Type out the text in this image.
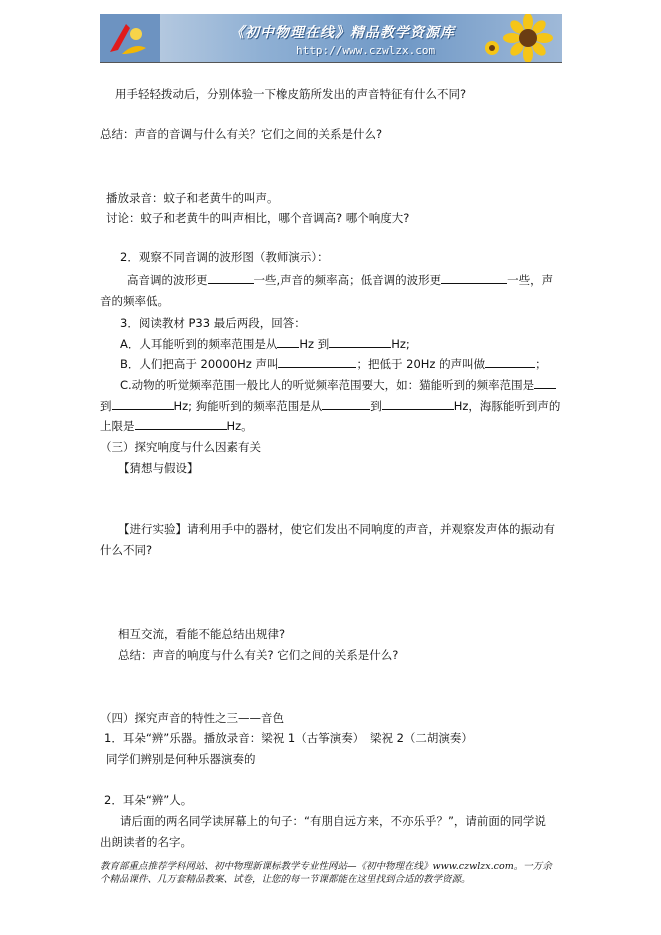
《初中物理在线》精品教学资源库
http://www.czwlzx.com
用手轻轻拨动后，分别体验一下橡皮筋所发出的声音特征有什么不同?
总结：声音的音调与什么有关？它们之间的关系是什么?
播放录音：蚊子和老黄牛的叫声。
讨论：蚊子和老黄牛的叫声相比，哪个音调高? 哪个响度大?
2．观察不同音调的波形图（教师演示）：
高音调的波形更	一些,声音的频率高；低音调的波形更	一些，声
音的频率低。
3．阅读教材 P33 最后两段，回答：
A．人耳能听到的频率范围是从 Hz 到	Hz;
B．人们把高于 20000Hz 声叫	；把低于 20Hz 的声叫做	；
C.动物的听觉频率范围一般比人的听觉频率范围要大，如：猫能听到的频率范围是
到	Hz; 狗能听到的频率范围是从	到	Hz，海豚能听到声的
上限是	Hz。
（三）探究响度与什么因素有关
【猜想与假设】
【进行实验】请利用手中的器材，使它们发出不同响度的声音，并观察发声体的振动有
什么不同?
相互交流，看能不能总结出规律?
总结：声音的响度与什么有关? 它们之间的关系是什么?
（四）探究声音的特性之三——音色
1．耳朵“辨”乐器。播放录音：梁祝 1（古筝演奏）　梁祝 2（二胡演奏）
同学们辨别是何种乐器演奏的
2．耳朵“辨”人。
请后面的两名同学读屏幕上的句子：“有朋自远方来，不亦乐乎？”，请前面的同学说
出朗读者的名字。
教育部重点推荐学科网站、初中物理新课标教学专业性网站—《初中物理在线》www.czwlzx.com。一万余
个精品课件、几万套精品教案、试卷，让您的每一节课都能在这里找到合适的教学资源。
